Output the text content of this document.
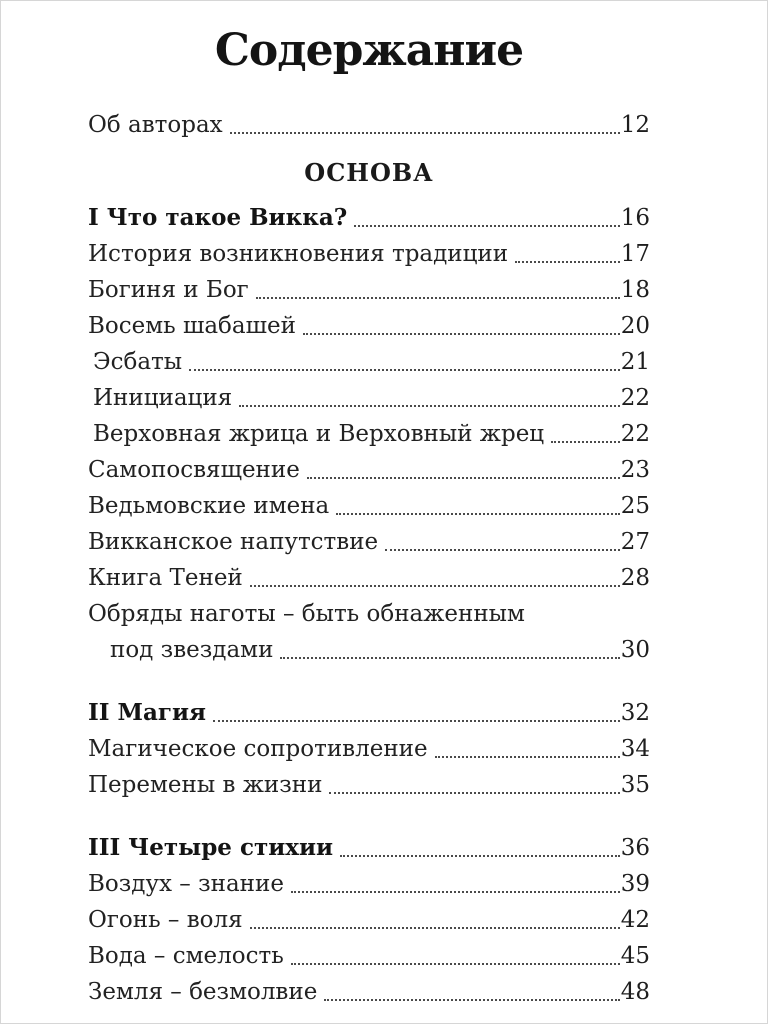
Содержание
Об авторах	12
ОСНОВА
I Что такое Викка?	16
История возникновения традиции	17
Богиня и Бог	18
Восемь шабашей	20
Эсбаты	21
Инициация	22
Верховная жрица и Верховный жрец	22
Самопосвящение	23
Ведьмовские имена	25
Викканское напутствие	27
Книга Теней	28
Обряды наготы – быть обнаженным
под звездами	30
II Магия	32
Магическое сопротивление	34
Перемены в жизни	35
III Четыре стихии	36
Воздух – знание	39
Огонь – воля	42
Вода – смелость	45
Земля – безмолвие	48
